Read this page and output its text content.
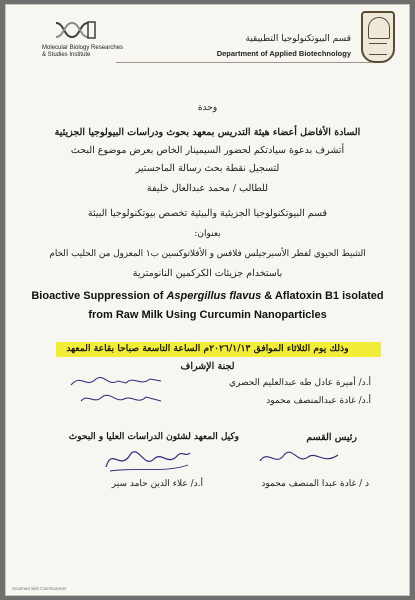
Molecular Biology Researches
& Studies Institute
قسم البيوتكنولوجيا التطبيقية
Department of Applied Biotechnology
وحدة
السادة الأفاضل أعضاء هيئة التدريس بمعهد بحوث ودراسات البيولوجيا الجزيئية
أتشرف بدعوة سيادتكم لحضور السيمينار الخاص بعرض موضوع البحث
لتسجيل نقطة بحث رسالة الماجستير
للطالب / محمد عبدالعال خليفة
قسم البيوتكنولوجيا الجزيئية والبيئية تخصص بيوتكنولوجيا البيئة
بعنوان:
التثبيط الحيوي لفطر الأسبرجيلس فلافس و الأفلاتوكسين ب١ المعزول من الحليب الخام
باستخدام جزيئات الكركمين النانومترية
Bioactive Suppression of Aspergillus flavus & Aflatoxin B1 isolated
from Raw Milk Using Curcumin Nanoparticles
وذلك يوم الثلاثاء الموافق ٢٠٢٦/١/١٣م الساعة التاسعة صباحا بقاعة المعهد
لجنة الإشراف
أ.د/ أميرة عادل طه عبدالعليم الحصري
أ.د/ غادة عبدالمنصف محمود
رئيس القسم
وكيل المعهد لشئون الدراسات العليا و البحوث
د / غادة عبدا المنصف محمود
أ.د/ علاء الدين حامد سير
Scanned with CamScanner
